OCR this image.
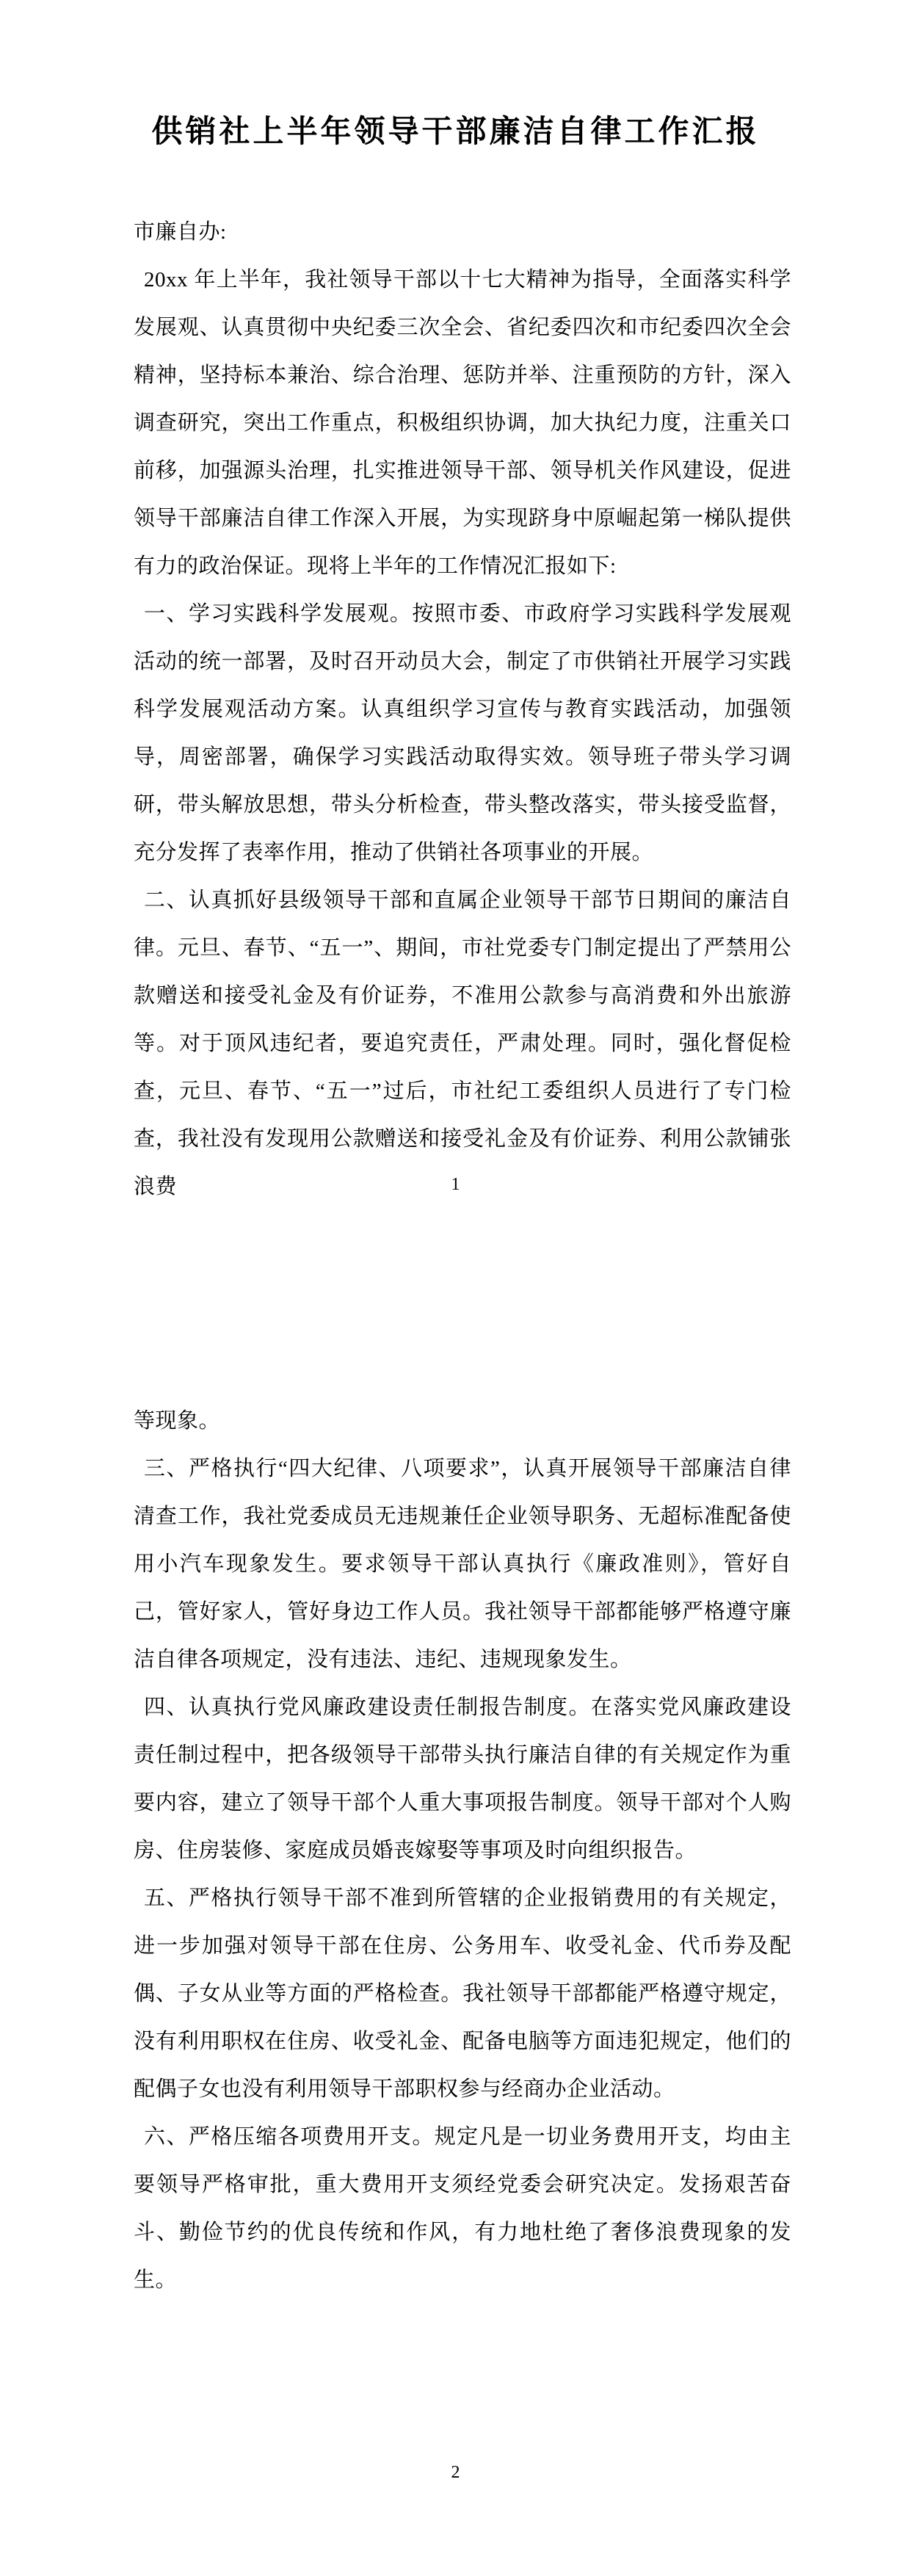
供销社上半年领导干部廉洁自律工作汇报

市廉自办:

20xx 年上半年，我社领导干部以十七大精神为指导，全面落实科学发展观、认真贯彻中央纪委三次全会、省纪委四次和市纪委四次全会精神，坚持标本兼治、综合治理、惩防并举、注重预防的方针，深入调查研究，突出工作重点，积极组织协调，加大执纪力度，注重关口前移，加强源头治理，扎实推进领导干部、领导机关作风建设，促进领导干部廉洁自律工作深入开展，为实现跻身中原崛起第一梯队提供有力的政治保证。现将上半年的工作情况汇报如下:

一、学习实践科学发展观。按照市委、市政府学习实践科学发展观活动的统一部署，及时召开动员大会，制定了市供销社开展学习实践科学发展观活动方案。认真组织学习宣传与教育实践活动，加强领导，周密部署，确保学习实践活动取得实效。领导班子带头学习调研，带头解放思想，带头分析检查，带头整改落实，带头接受监督，充分发挥了表率作用，推动了供销社各项事业的开展。

二、认真抓好县级领导干部和直属企业领导干部节日期间的廉洁自律。元旦、春节、“五一”、期间，市社党委专门制定提出了严禁用公款赠送和接受礼金及有价证券，不准用公款参与高消费和外出旅游等。对于顶风违纪者，要追究责任，严肃处理。同时，强化督促检查，元旦、春节、“五一”过后，市社纪工委组织人员进行了专门检查，我社没有发现用公款赠送和接受礼金及有价证券、利用公款铺张浪费	1

等现象。

三、严格执行“四大纪律、八项要求”，认真开展领导干部廉洁自律清查工作，我社党委成员无违规兼任企业领导职务、无超标准配备使用小汽车现象发生。要求领导干部认真执行《廉政准则》，管好自己，管好家人，管好身边工作人员。我社领导干部都能够严格遵守廉洁自律各项规定，没有违法、违纪、违规现象发生。

四、认真执行党风廉政建设责任制报告制度。在落实党风廉政建设责任制过程中，把各级领导干部带头执行廉洁自律的有关规定作为重要内容，建立了领导干部个人重大事项报告制度。领导干部对个人购房、住房装修、家庭成员婚丧嫁娶等事项及时向组织报告。

五、严格执行领导干部不准到所管辖的企业报销费用的有关规定，进一步加强对领导干部在住房、公务用车、收受礼金、代币券及配偶、子女从业等方面的严格检查。我社领导干部都能严格遵守规定，没有利用职权在住房、收受礼金、配备电脑等方面违犯规定，他们的配偶子女也没有利用领导干部职权参与经商办企业活动。

六、严格压缩各项费用开支。规定凡是一切业务费用开支，均由主要领导严格审批，重大费用开支须经党委会研究决定。发扬艰苦奋斗、勤俭节约的优良传统和作风，有力地杜绝了奢侈浪费现象的发生。

2
